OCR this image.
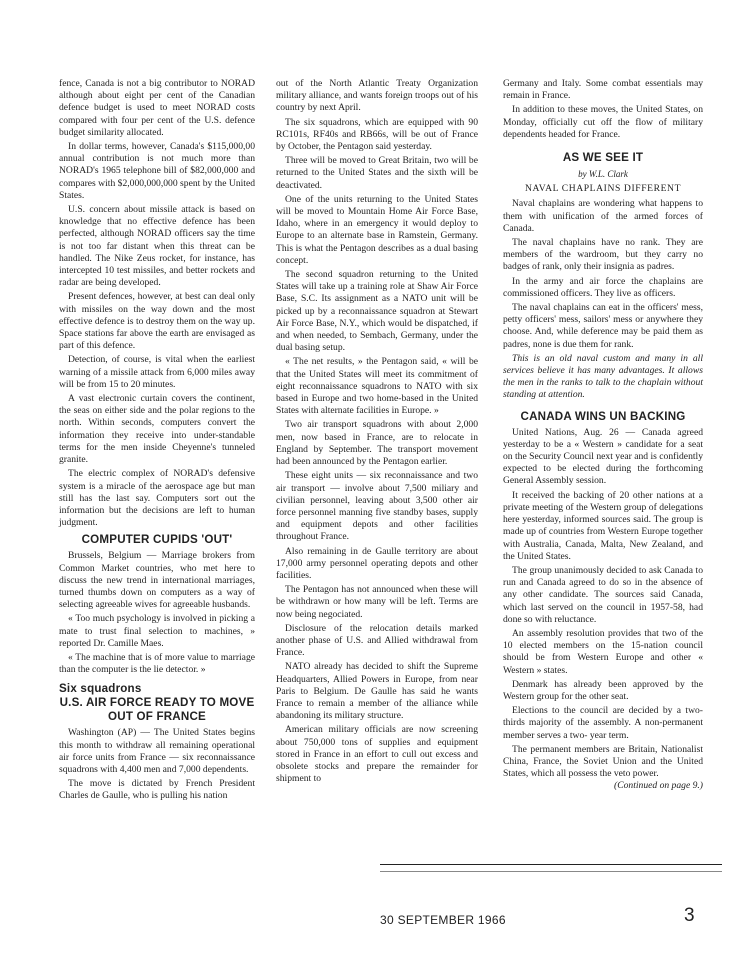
fence, Canada is not a big contributor to NORAD although about eight per cent of the Canadian defence budget is used to meet NORAD costs compared with four per cent of the U.S. defence budget similarity allocated.

In dollar terms, however, Canada's $115,000,00 annual contribution is not much more than NORAD's 1965 telephone bill of $82,000,000 and compares with $2,000,000,000 spent by the United States.

U.S. concern about missile attack is based on knowledge that no effective defence has been perfected, although NORAD officers say the time is not too far distant when this threat can be handled. The Nike Zeus rocket, for instance, has intercepted 10 test missiles, and better rockets and radar are being developed.

Present defences, however, at best can deal only with missiles on the way down and the most effective defence is to destroy them on the way up. Space stations far above the earth are envisaged as part of this defence.

Detection, of course, is vital when the earliest warning of a missile attack from 6,000 miles away will be from 15 to 20 minutes.

A vast electronic curtain covers the continent, the seas on either side and the polar regions to the north. Within seconds, computers convert the information they receive into under-standable terms for the men inside Cheyenne's tunneled granite.

The electric complex of NORAD's defensive system is a miracle of the aerospace age but man still has the last say. Computers sort out the information but the decisions are left to human judgment.

COMPUTER CUPIDS 'OUT'

Brussels, Belgium — Marriage brokers from Common Market countries, who met here to discuss the new trend in international marriages, turned thumbs down on computers as a way of selecting agreeable wives for agreeable husbands.

« Too much psychology is involved in picking a mate to trust final selection to machines, » reported Dr. Camille Maes.

« The machine that is of more value to marriage than the computer is the lie detector. »

Six squadrons
U.S. AIR FORCE READY TO MOVE OUT OF FRANCE

Washington (AP) — The United States begins this month to withdraw all remaining operational air force units from France — six reconnaissance squadrons with 4,400 men and 7,000 dependents.

The move is dictated by French President Charles de Gaulle, who is pulling his nation

out of the North Atlantic Treaty Organization military alliance, and wants foreign troops out of his country by next April.

The six squadrons, which are equipped with 90 RC101s, RF40s and RB66s, will be out of France by October, the Pentagon said yesterday.

Three will be moved to Great Britain, two will be returned to the United States and the sixth will be deactivated.

One of the units returning to the United States will be moved to Mountain Home Air Force Base, Idaho, where in an emergency it would deploy to Europe to an alternate base in Ramstein, Germany. This is what the Pentagon describes as a dual basing concept.

The second squadron returning to the United States will take up a training role at Shaw Air Force Base, S.C. Its assignment as a NATO unit will be picked up by a reconnaissance squadron at Stewart Air Force Base, N.Y., which would be dispatched, if and when needed, to Sembach, Germany, under the dual basing setup.

« The net results, » the Pentagon said, « will be that the United States will meet its commitment of eight reconnaissance squadrons to NATO with six based in Europe and two home-based in the United States with alternate facilities in Europe. »

Two air transport squadrons with about 2,000 men, now based in France, are to relocate in England by September. The transport movement had been announced by the Pentagon earlier.

These eight units — six reconnaissance and two air transport — involve about 7,500 miliary and civilian personnel, leaving about 3,500 other air force personnel manning five standby bases, supply and equipment depots and other facilities throughout France.

Also remaining in de Gaulle territory are about 17,000 army personnel operating depots and other facilities.

The Pentagon has not announced when these will be withdrawn or how many will be left. Terms are now being negociated.

Disclosure of the relocation details marked another phase of U.S. and Allied withdrawal from France.

NATO already has decided to shift the Supreme Headquarters, Allied Powers in Europe, from near Paris to Belgium. De Gaulle has said he wants France to remain a member of the alliance while abandoning its military structure.

American military officials are now screening about 750,000 tons of supplies and equipment stored in France in an effort to cull out excess and obsolete stocks and prepare the remainder for shipment to

Germany and Italy. Some combat essentials may remain in France.

In addition to these moves, the United States, on Monday, officially cut off the flow of military dependents headed for France.

AS WE SEE IT
by W.L. Clark
NAVAL CHAPLAINS DIFFERENT

Naval chaplains are wondering what happens to them with unification of the armed forces of Canada.

The naval chaplains have no rank. They are members of the wardroom, but they carry no badges of rank, only their insignia as padres.

In the army and air force the chaplains are commissioned officers. They live as officers.

The naval chaplains can eat in the officers' mess, petty officers' mess, sailors' mess or anywhere they choose. And, while deference may be paid them as padres, none is due them for rank.

This is an old naval custom and many in all services believe it has many advantages. It allows the men in the ranks to talk to the chaplain without standing at attention.

CANADA WINS UN BACKING

United Nations, Aug. 26 — Canada agreed yesterday to be a « Western » candidate for a seat on the Security Council next year and is confidently expected to be elected during the forthcoming General Assembly session.

It received the backing of 20 other nations at a private meeting of the Western group of delegations here yesterday, informed sources said. The group is made up of countries from Western Europe together with Australia, Canada, Malta, New Zealand, and the United States.

The group unanimously decided to ask Canada to run and Canada agreed to do so in the absence of any other candidate. The sources said Canada, which last served on the council in 1957-58, had done so with reluctance.

An assembly resolution provides that two of the 10 elected members on the 15-nation council should be from Western Europe and other « Western » states.

Denmark has already been approved by the Western group for the other seat.

Elections to the council are decided by a two-thirds majority of the assembly. A non-permanent member serves a two- year term.

The permanent members are Britain, Nationalist China, France, the Soviet Union and the United States, which all possess the veto power.
(Continued on page 9.)

30 SEPTEMBER 1966	3
